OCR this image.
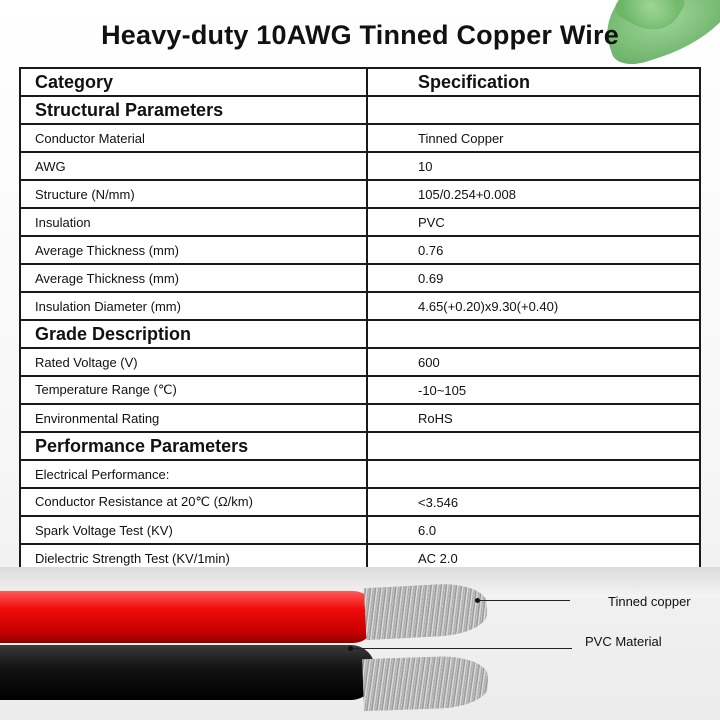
Heavy-duty 10AWG Tinned Copper Wire
Category	Specification
Structural Parameters	
Conductor Material	Tinned Copper
AWG	10
Structure (N/mm)	105/0.254+0.008
Insulation	PVC
Average Thickness (mm)	0.76
Average Thickness (mm)	0.69
Insulation Diameter (mm)	4.65(+0.20)x9.30(+0.40)
Grade Description	
Rated Voltage (V)	600
Temperature Range (℃)	-10~105
Environmental Rating	RoHS
Performance Parameters	
Electrical Performance:	
Conductor Resistance at 20℃ (Ω/km)	<3.546
Spark Voltage Test (KV)	6.0
Dielectric Strength Test (KV/1min)	AC 2.0
Tinned copper
PVC Material
